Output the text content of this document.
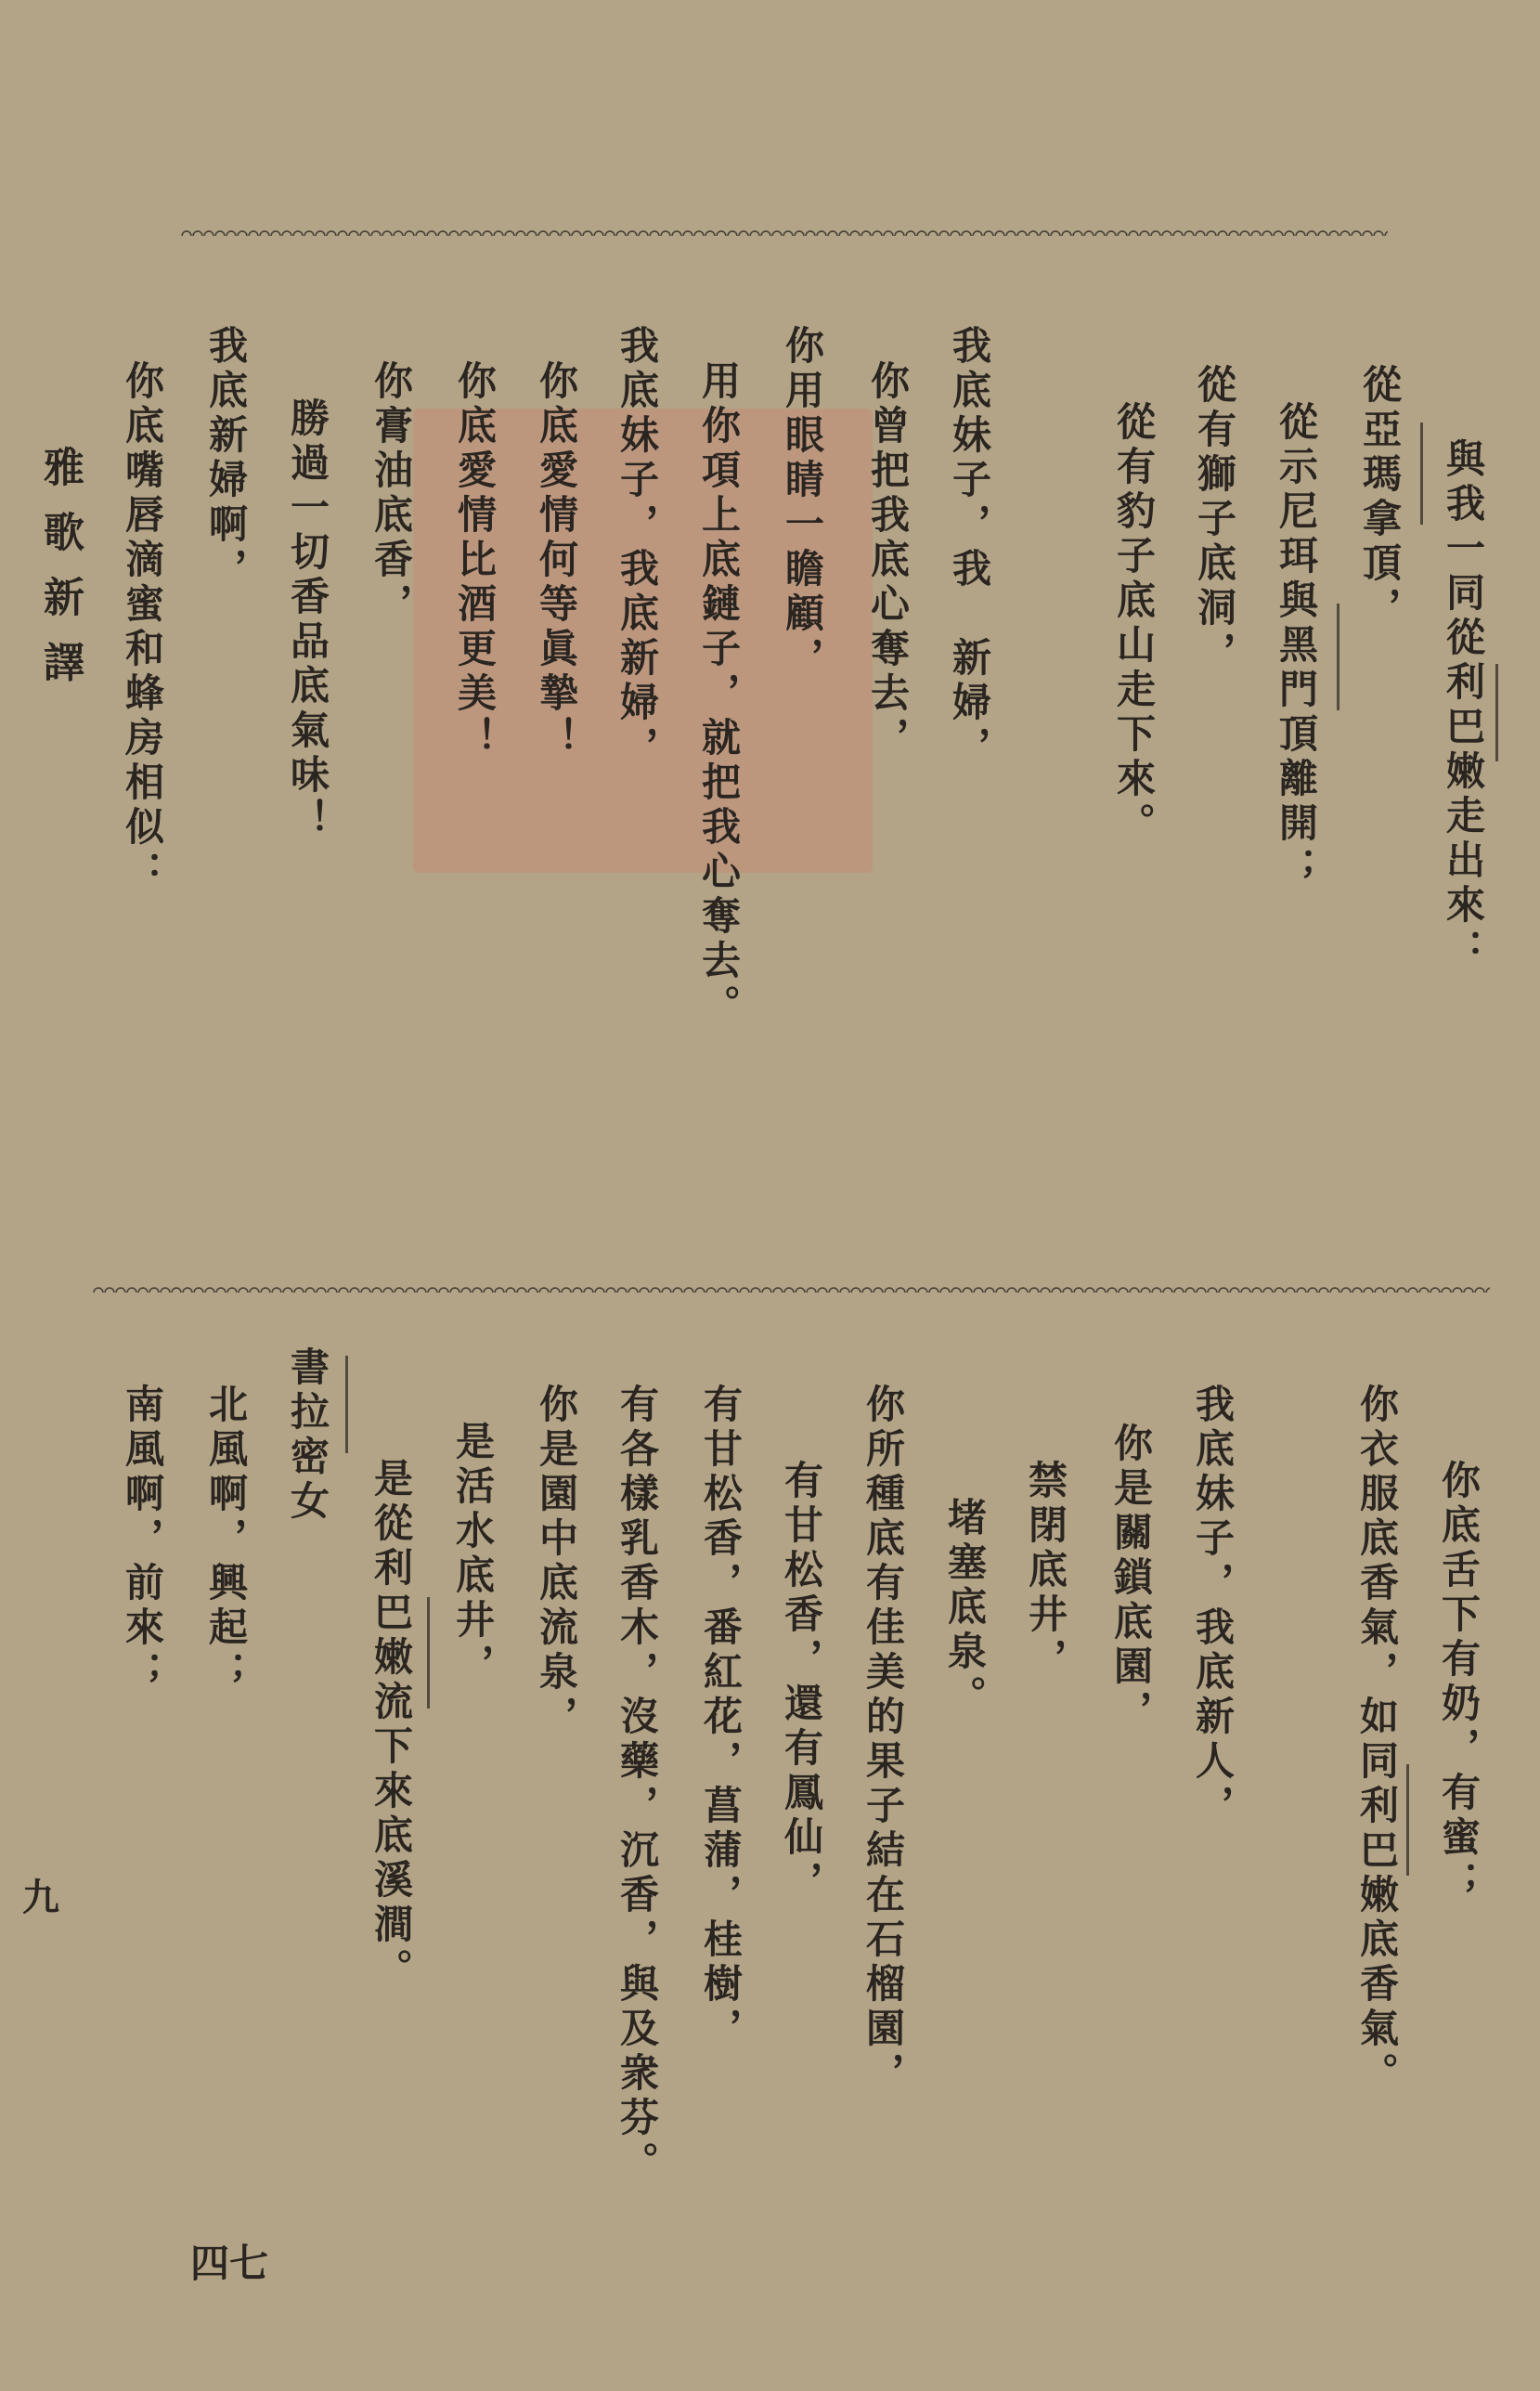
與我一同從利巴嫩走出來：
從亞瑪拿頂，
從示尼珥與黑門頂離開；
從有獅子底洞，
從有豹子底山走下來。
我底妹子，我　新婦，
你曾把我底心奪去，
你用眼睛一瞻顧，
用你項上底鏈子，就把我心奪去。
我底妹子，我底新婦，
你底愛情何等眞摯！
你底愛情比酒更美！
你膏油底香，
勝過一切香品底氣味！
我底新婦啊，
你底嘴唇滴蜜和蜂房相似：
你底舌下有奶，有蜜；
你衣服底香氣，如同利巴嫩底香氣。
禁閉底井，
堵塞底泉。	你是關鎖底園， 我底妹子，我底新人，
有甘松香，還有鳳仙， 你所種底有佳美的果子結在石榴園，
有甘松香，番紅花，菖蒲，桂樹，
有各樣乳香木，沒藥，沉香，與及衆芬。
你是園中底流泉，
是活水底井，
是從利巴嫩流下來底溪澗。
書拉密女
北風啊，興起；
南風啊，前來；
雅歌新譯
九
四七
